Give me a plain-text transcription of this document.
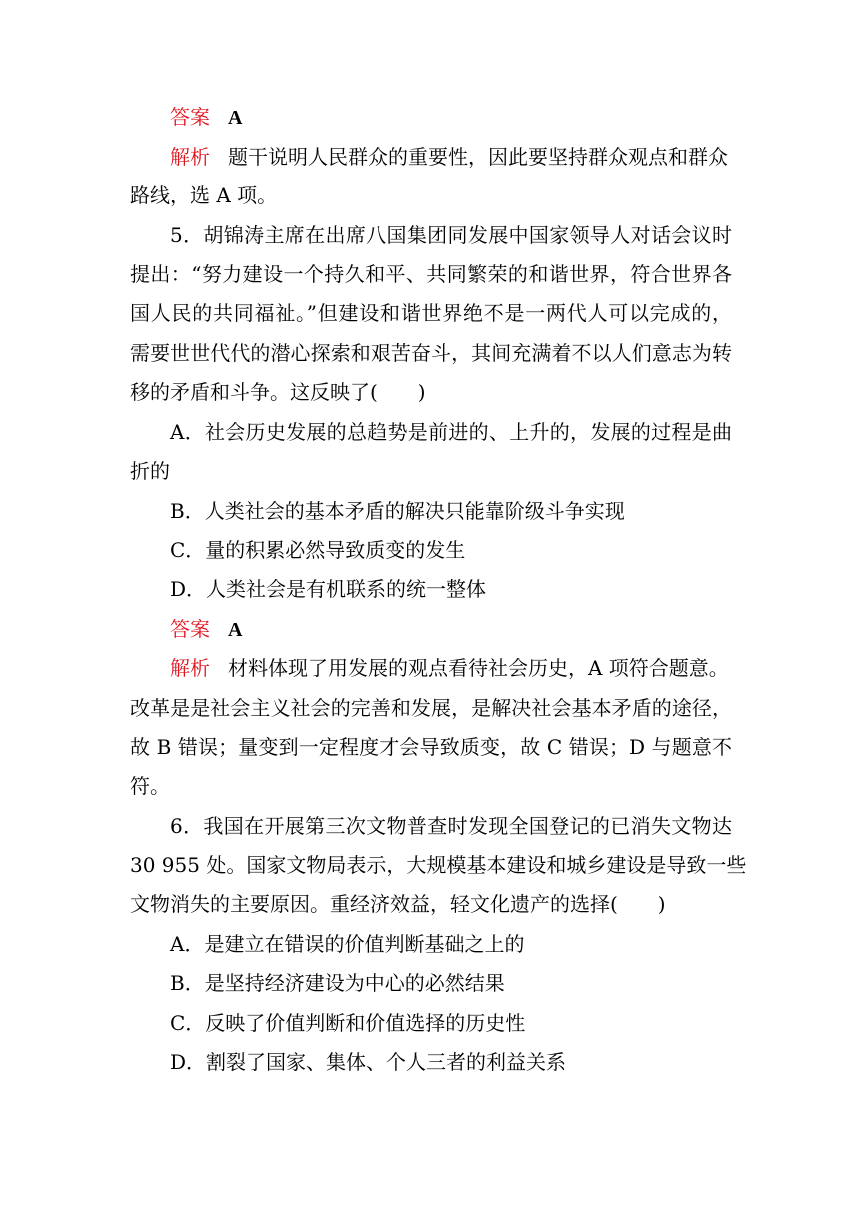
答案 A
解析 题干说明人民群众的重要性，因此要坚持群众观点和群众
路线，选 A 项。
5．胡锦涛主席在出席八国集团同发展中国家领导人对话会议时
提出：“努力建设一个持久和平、共同繁荣的和谐世界，符合世界各
国人民的共同福祉。”但建设和谐世界绝不是一两代人可以完成的，
需要世世代代的潜心探索和艰苦奋斗，其间充满着不以人们意志为转
移的矛盾和斗争。这反映了(　　)
A．社会历史发展的总趋势是前进的、上升的，发展的过程是曲
折的
B．人类社会的基本矛盾的解决只能靠阶级斗争实现
C．量的积累必然导致质变的发生
D．人类社会是有机联系的统一整体
答案 A
解析 材料体现了用发展的观点看待社会历史，A 项符合题意。
改革是是社会主义社会的完善和发展，是解决社会基本矛盾的途径，
故 B 错误；量变到一定程度才会导致质变，故 C 错误；D 与题意不
符。
6．我国在开展第三次文物普查时发现全国登记的已消失文物达
30 955 处。国家文物局表示，大规模基本建设和城乡建设是导致一些
文物消失的主要原因。重经济效益，轻文化遗产的选择(　　)
A．是建立在错误的价值判断基础之上的
B．是坚持经济建设为中心的必然结果
C．反映了价值判断和价值选择的历史性
D．割裂了国家、集体、个人三者的利益关系
